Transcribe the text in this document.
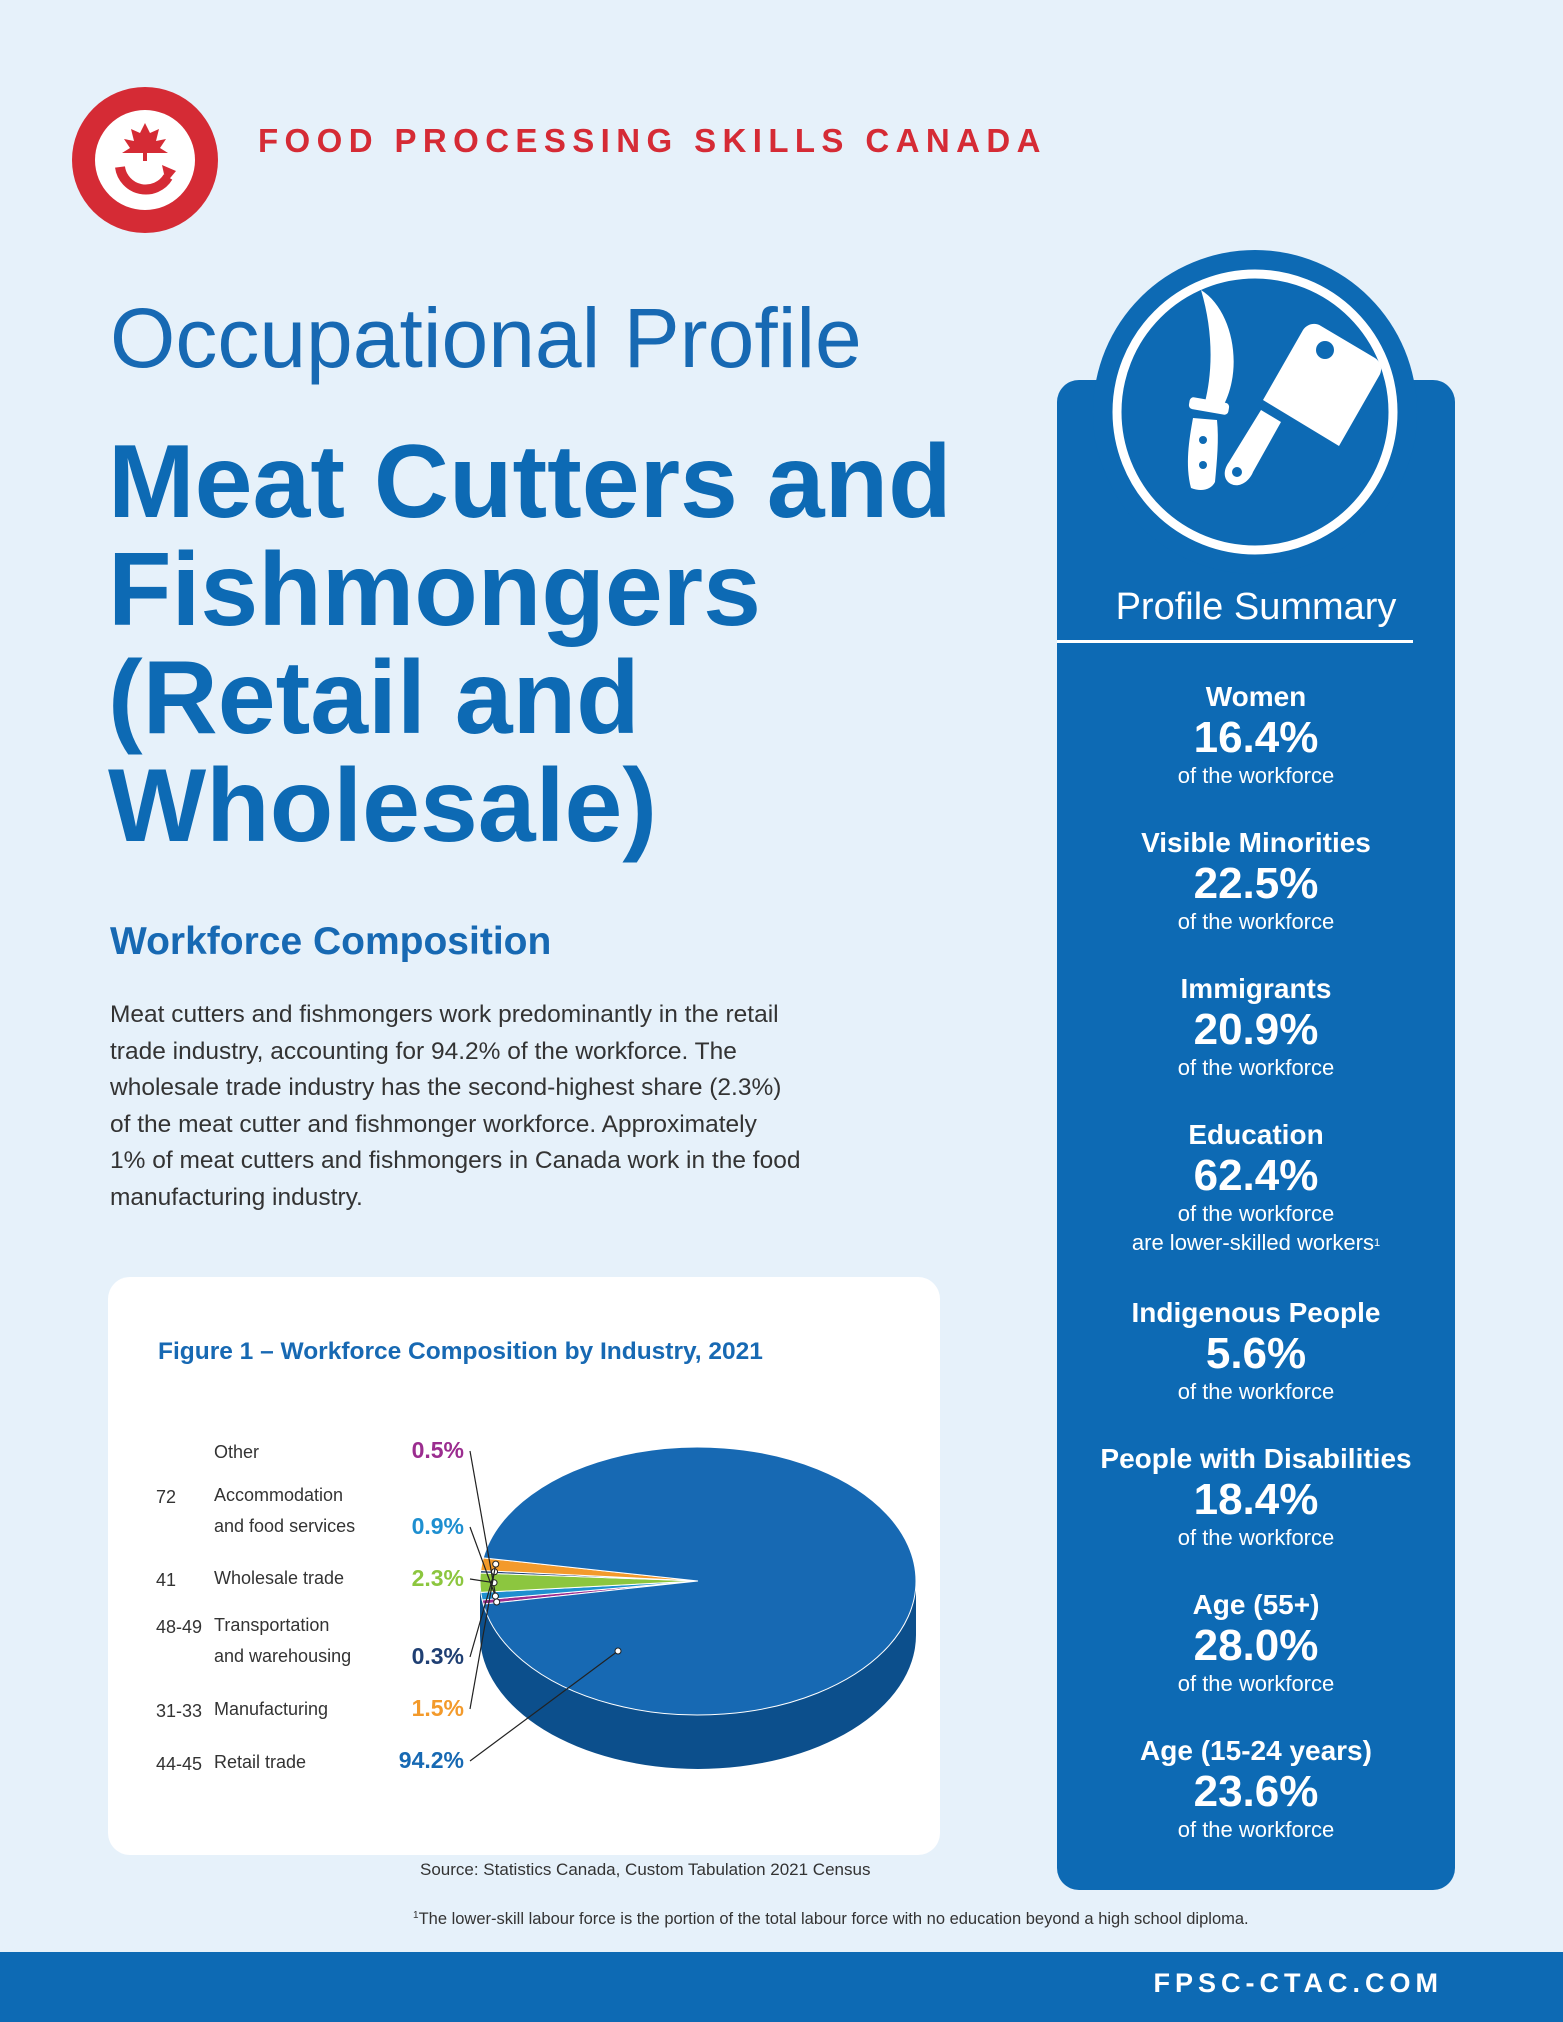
FOOD PROCESSING SKILLS CANADA
Occupational Profile
Meat Cutters and
Fishmongers
(Retail and
Wholesale)
Workforce Composition
Meat cutters and fishmongers work predominantly in the retail
trade industry, accounting for 94.2% of the workforce. The
wholesale trade industry has the second-highest share (2.3%)
of the meat cutter and fishmonger workforce. Approximately
1% of meat cutters and fishmongers in Canada work in the food
manufacturing industry.
Figure 1 – Workforce Composition by Industry, 2021
Other	0.5%
72 Accommodation
and food services	0.9%
41 Wholesale trade	2.3%
48-49 Transportation
and warehousing	0.3%
31-33 Manufacturing	1.5%
44-45 Retail trade	94.2%
Source: Statistics Canada, Custom Tabulation 2021 Census
$^1$The lower-skill labour force is the portion of the total labour force with no education beyond a high school diploma.
Profile Summary
Women
16.4%
of the workforce
Visible Minorities
22.5%
of the workforce
Immigrants
20.9%
of the workforce
Education
62.4%
of the workforce
are lower-skilled workers$^1$
Indigenous People
5.6%
of the workforce
People with Disabilities
18.4%
of the workforce
Age (55+)
28.0%
of the workforce
Age (15-24 years)
23.6%
of the workforce
FPSC-CTAC.COM
